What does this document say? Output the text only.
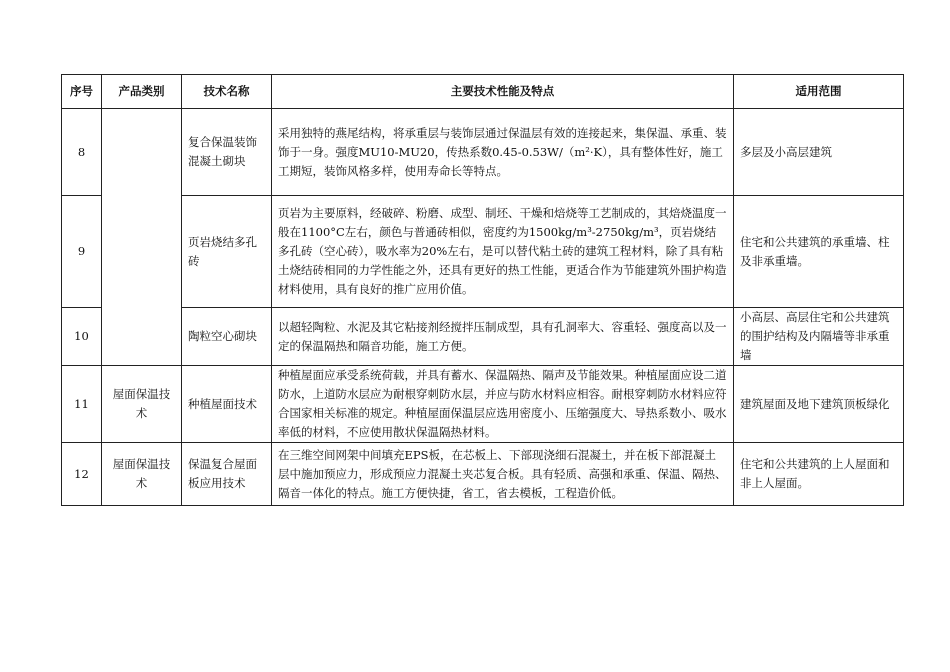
序号	产品类别	技术名称	主要技术性能及特点	适用范围
8		复合保温装饰混凝土砌块	采用独特的燕尾结构，将承重层与装饰层通过保温层有效的连接起来，集保温、承重、装饰于一身。强度MU10-MU20，传热系数0.45-0.53W/（m²·K），具有整体性好，施工工期短，装饰风格多样，使用寿命长等特点。	多层及小高层建筑
9		页岩烧结多孔砖	页岩为主要原料，经破碎、粉磨、成型、制坯、干燥和焙烧等工艺制成的，其焙烧温度一般在1100°C左右，颜色与普通砖相似，密度约为1500kg/m³-2750kg/m³，页岩烧结多孔砖（空心砖），吸水率为20%左右，是可以替代粘土砖的建筑工程材料，除了具有粘土烧结砖相同的力学性能之外，还具有更好的热工性能，更适合作为节能建筑外围护构造材料使用，具有良好的推广应用价值。	住宅和公共建筑的承重墙、柱及非承重墙。
10		陶粒空心砌块	以超轻陶粒、水泥及其它粘接剂经搅拌压制成型，具有孔洞率大、容重轻、强度高以及一定的保温隔热和隔音功能，施工方便。	小高层、高层住宅和公共建筑的围护结构及内隔墙等非承重墙
11	屋面保温技术	种植屋面技术	种植屋面应承受系统荷载，并具有蓄水、保温隔热、隔声及节能效果。种植屋面应设二道防水，上道防水层应为耐根穿刺防水层，并应与防水材料应相容。耐根穿刺防水材料应符合国家相关标准的规定。种植屋面保温层应选用密度小、压缩强度大、导热系数小、吸水率低的材料，不应使用散状保温隔热材料。	建筑屋面及地下建筑顶板绿化
12	屋面保温技术	保温复合屋面板应用技术	在三维空间网架中间填充EPS板，在芯板上、下部现浇细石混凝土，并在板下部混凝土层中施加预应力，形成预应力混凝土夹芯复合板。具有轻质、高强和承重、保温、隔热、隔音一体化的特点。施工方便快捷，省工，省去模板，工程造价低。	住宅和公共建筑的上人屋面和非上人屋面。
